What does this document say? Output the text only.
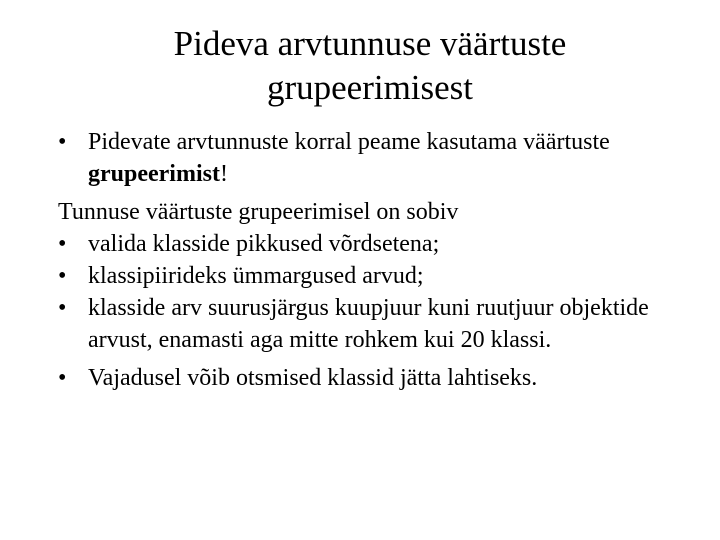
Pideva arvtunnuse väärtuste
grupeerimisest
• Pidevate arvtunnuste korral peame kasutama väärtuste grupeerimist!
Tunnuse väärtuste grupeerimisel on sobiv
• valida klasside pikkused võrdsetena;
• klassipiirideks ümmargused arvud;
• klasside arv suurusjärgus kuupjuur kuni ruutjuur objektide arvust, enamasti aga mitte rohkem kui 20 klassi.
• Vajadusel võib otsmised klassid jätta lahtiseks.
